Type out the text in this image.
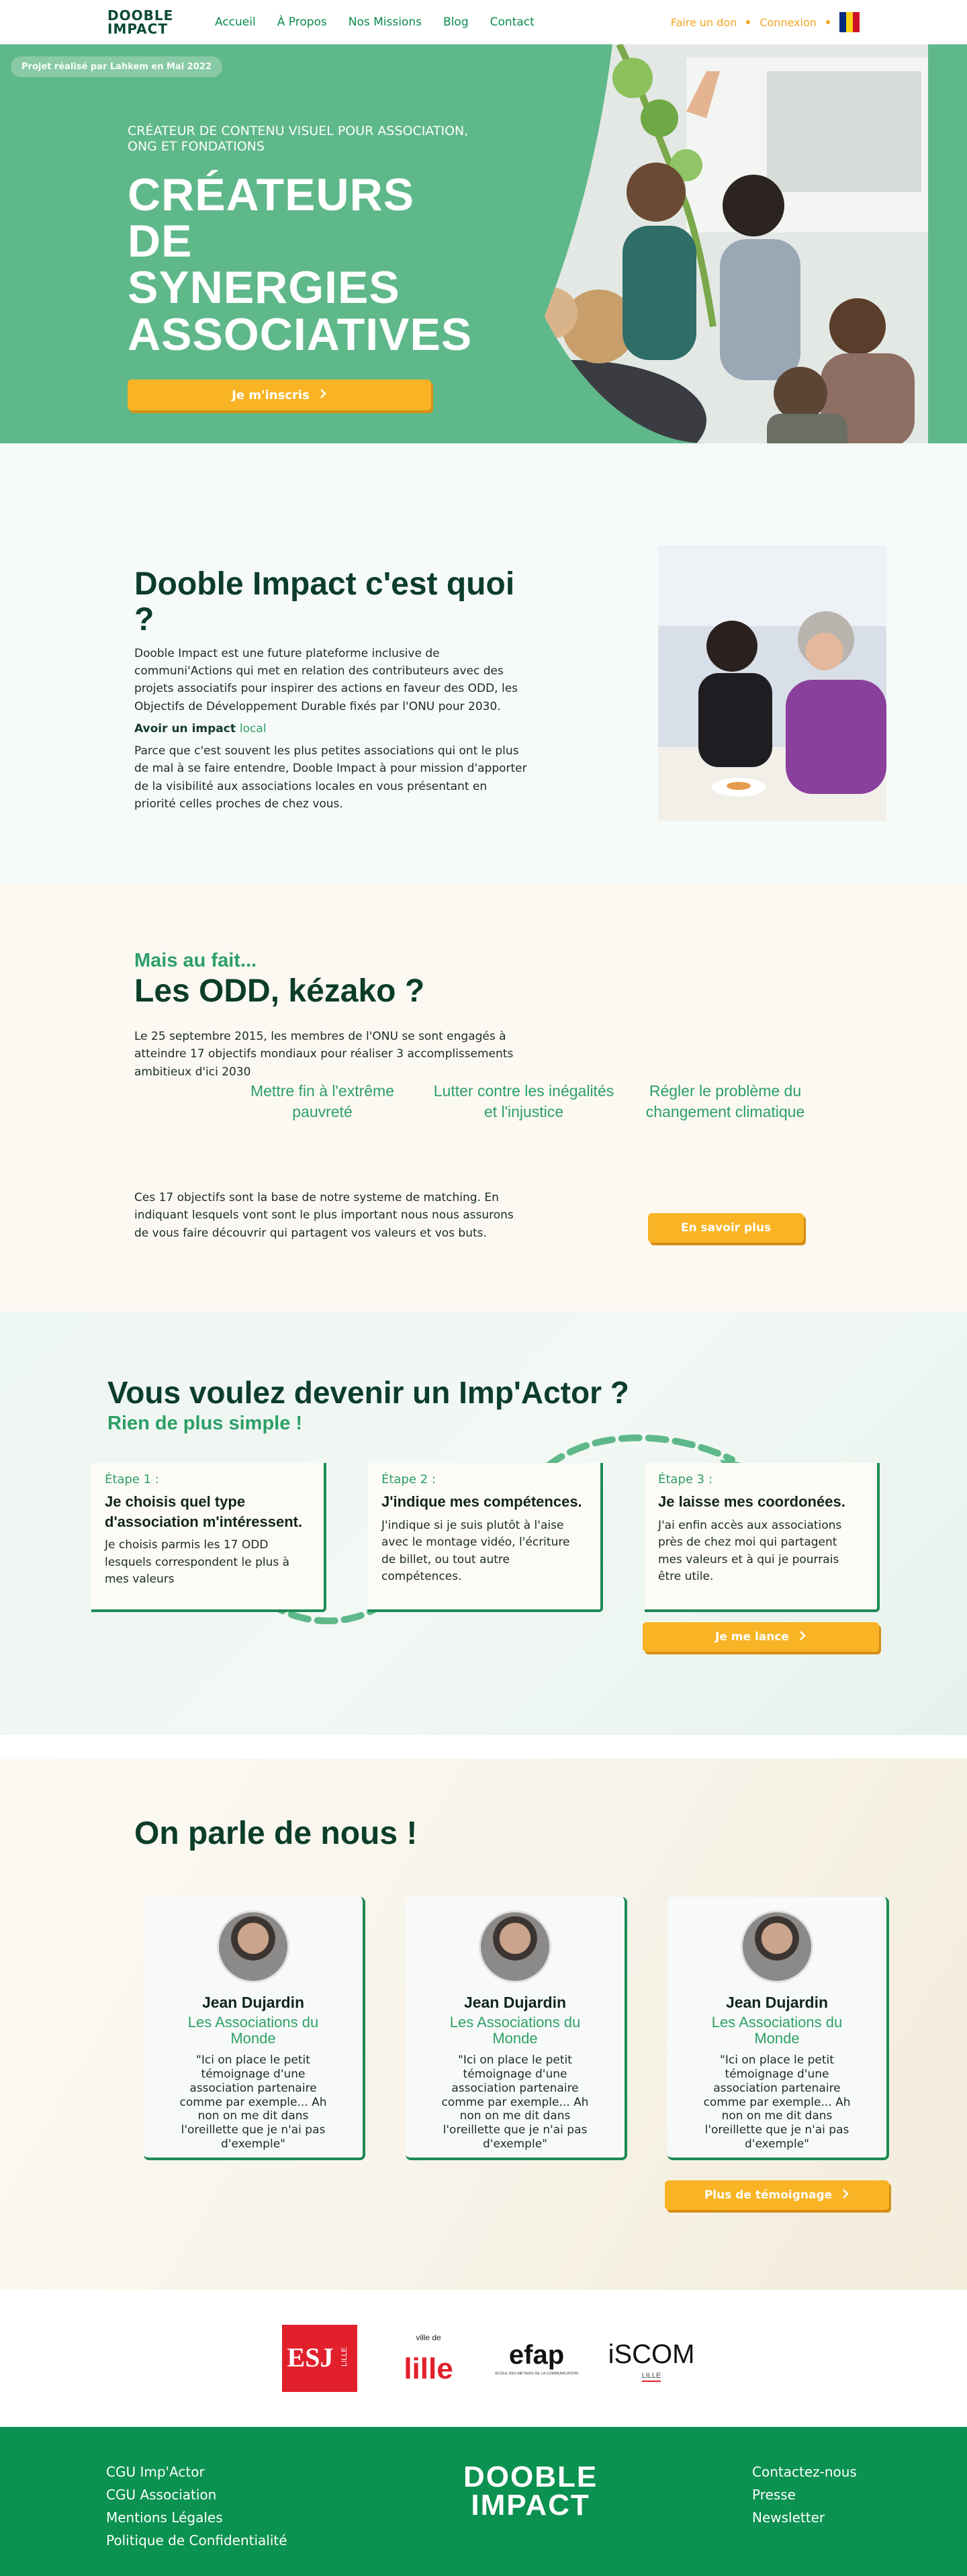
DOOBLE
IMPACT	Accueil À Propos Nos Missions Blog Contact	Faire un don Connexion
Projet réalisé par Lahkem en Mai 2022
CRÉATEUR DE CONTENU VISUEL POUR ASSOCIATION, ONG ET FONDATIONS
CRÉATEURS DE SYNERGIES ASSOCIATIVES
Je m'inscris
Dooble Impact c'est quoi ?

Dooble Impact est une future plateforme inclusive de communi'Actions qui met en relation des contributeurs avec des projets associatifs pour inspirer des actions en faveur des ODD, les Objectifs de Développement Durable fixés par l'ONU pour 2030.

Avoir un impact local

Parce que c'est souvent les plus petites associations qui ont le plus de mal à se faire entendre, Dooble Impact à pour mission d'apporter de la visibilité aux associations locales en vous présentant en priorité celles proches de chez vous.

Mais au fait...
Les ODD, kézako ?

Le 25 septembre 2015, les membres de l'ONU se sont engagés à atteindre 17 objectifs mondiaux pour réaliser 3 accomplissements ambitieux d'ici 2030

Mettre fin à l'extrême pauvreté
Lutter contre les inégalités et l'injustice
Régler le problème du changement climatique

Ces 17 objectifs sont la base de notre systeme de matching. En indiquant lesquels vont sont le plus important nous nous assurons de vous faire découvrir qui partagent vos valeurs et vos buts.	En savoir plus
Vous voulez devenir un Imp'Actor ?
Rien de plus simple !
Étape 1 :
Je choisis quel type d'association m'intéressent.
Je choisis parmis les 17 ODD lesquels correspondent le plus à mes valeurs
Étape 2 :
J'indique mes compétences.
J'indique si je suis plutôt à l'aise avec le montage vidéo, l'écriture de billet, ou tout autre compétences.
Étape 3 :
Je laisse mes coordonées.
J'ai enfin accès aux associations près de chez moi qui partagent mes valeurs et à qui je pourrais être utile.
Je me lance
On parle de nous !
Jean Dujardin
Les Associations du Monde
"Ici on place le petit témoignage d'une association partenaire comme par exemple... Ah non on me dit dans l'oreillette que je n'ai pas d'exemple"
Jean Dujardin
Les Associations du Monde
"Ici on place le petit témoignage d'une association partenaire comme par exemple... Ah non on me dit dans l'oreillette que je n'ai pas d'exemple"
Jean Dujardin
Les Associations du Monde
"Ici on place le petit témoignage d'une association partenaire comme par exemple... Ah non on me dit dans l'oreillette que je n'ai pas d'exemple"
Plus de témoignage
ESJ LILLE
ville de
lille efap
ÉCOLE DES MÉTIERS DE LA COMMUNICATION
iSCOM
LILLE
CGU Imp'Actor
CGU Association
Mentions Légales
Politique de Confidentialité
DOOBLE
IMPACT
Contactez-nous
Presse
Newsletter
